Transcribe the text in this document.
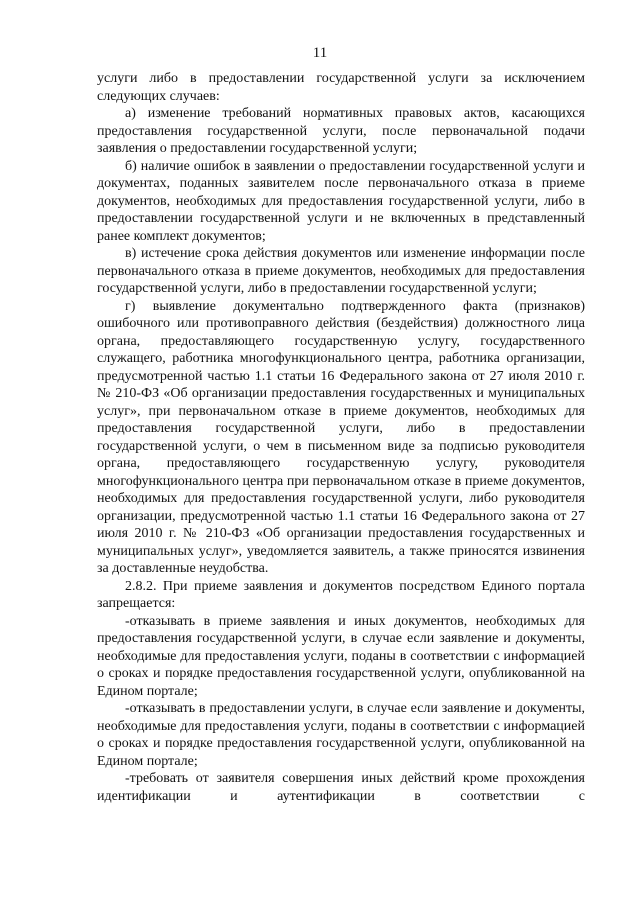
11

услуги либо в предоставлении государственной услуги за исключением следующих случаев:

а) изменение требований нормативных правовых актов, касающихся предоставления государственной услуги, после первоначальной подачи заявления о предоставлении государственной услуги;

б) наличие ошибок в заявлении о предоставлении государственной услуги и документах, поданных заявителем после первоначального отказа в приеме документов, необходимых для предоставления государственной услуги, либо в предоставлении государственной услуги и не включенных в представленный ранее комплект документов;

в) истечение срока действия документов или изменение информации после первоначального отказа в приеме документов, необходимых для предоставления государственной услуги, либо в предоставлении государственной услуги;

г) выявление документально подтвержденного факта (признаков) ошибочного или противоправного действия (бездействия) должностного лица органа, предоставляющего государственную услугу, государственного служащего, работника многофункционального центра, работника организации, предусмотренной частью 1.1 статьи 16 Федерального закона от 27 июля 2010 г. № 210-ФЗ «Об организации предоставления государственных и муниципальных услуг», при первоначальном отказе в приеме документов, необходимых для предоставления государственной услуги, либо в предоставлении государственной услуги, о чем в письменном виде за подписью руководителя органа, предоставляющего государственную услугу, руководителя многофункционального центра при первоначальном отказе в приеме документов, необходимых для предоставления государственной услуги, либо руководителя организации, предусмотренной частью 1.1 статьи 16 Федерального закона от 27 июля 2010 г. № 210-ФЗ «Об организации предоставления государственных и муниципальных услуг», уведомляется заявитель, а также приносятся извинения за доставленные неудобства.

2.8.2. При приеме заявления и документов посредством Единого портала запрещается:

-отказывать в приеме заявления и иных документов, необходимых для предоставления государственной услуги, в случае если заявление и документы, необходимые для предоставления услуги, поданы в соответствии с информацией о сроках и порядке предоставления государственной услуги, опубликованной на Едином портале;

-отказывать в предоставлении услуги, в случае если заявление и документы, необходимые для предоставления услуги, поданы в соответствии с информацией о сроках и порядке предоставления государственной услуги, опубликованной на Едином портале;

-требовать от заявителя совершения иных действий кроме прохождения идентификации и аутентификации в соответствии с
